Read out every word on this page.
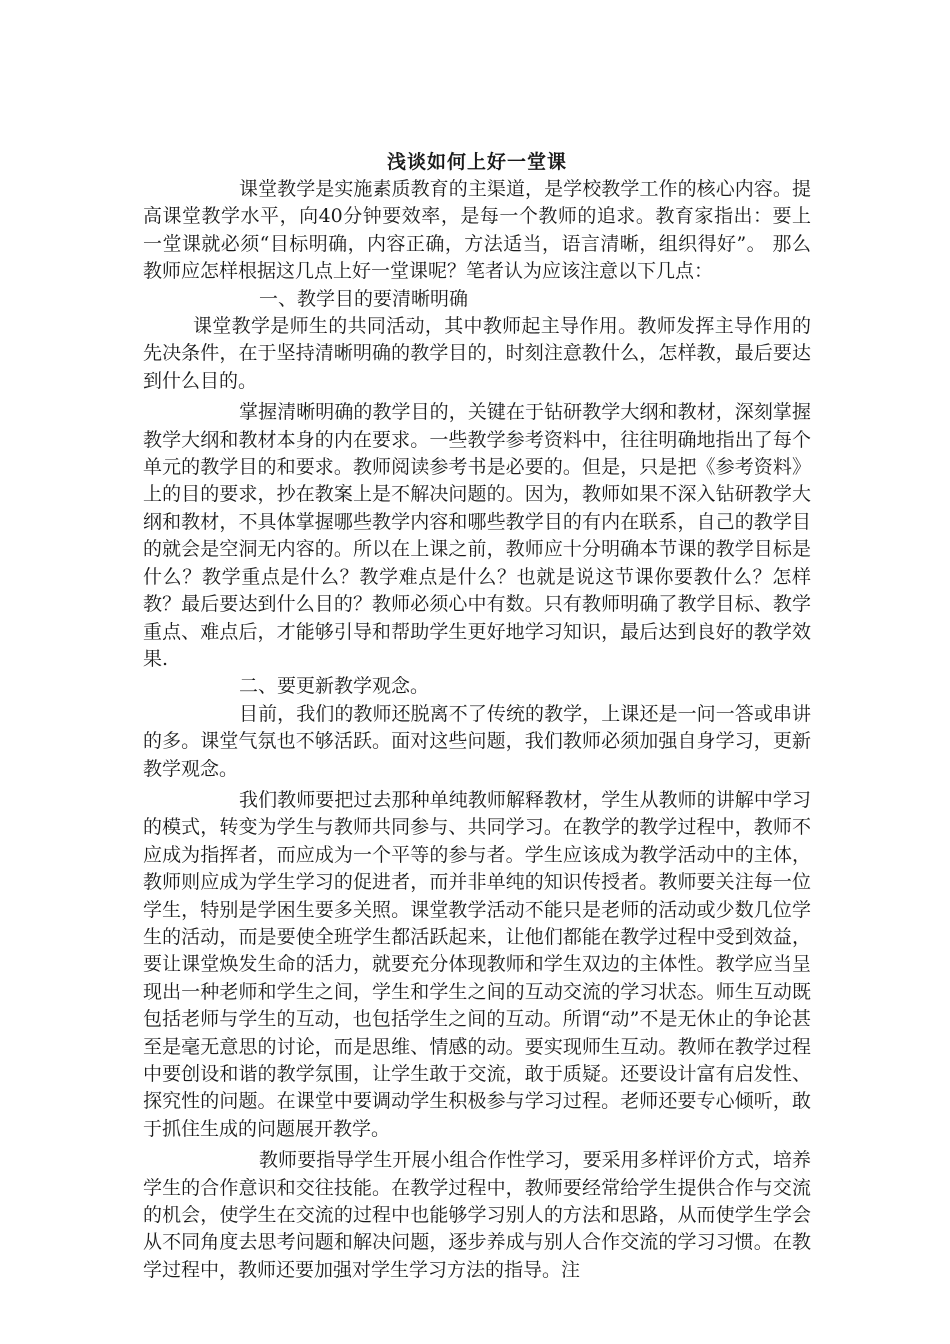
浅谈如何上好一堂课

课堂教学是实施素质教育的主渠道，是学校教学工作的核心内容。提高课堂教学水平，向40分钟要效率，是每一个教师的追求。教育家指出：要上一堂课就必须“目标明确，内容正确，方法适当，语言清晰，组织得好”。 那么教师应怎样根据这几点上好一堂课呢？笔者认为应该注意以下几点：

一、教学目的要清晰明确

课堂教学是师生的共同活动，其中教师起主导作用。教师发挥主导作用的先决条件，在于坚持清晰明确的教学目的，时刻注意教什么，怎样教，最后要达到什么目的。

掌握清晰明确的教学目的，关键在于钻研教学大纲和教材，深刻掌握教学大纲和教材本身的内在要求。一些教学参考资料中，往往明确地指出了每个单元的教学目的和要求。教师阅读参考书是必要的。但是，只是把《参考资料》上的目的要求，抄在教案上是不解决问题的。因为，教师如果不深入钻研教学大纲和教材，不具体掌握哪些教学内容和哪些教学目的有内在联系，自己的教学目的就会是空洞无内容的。所以在上课之前，教师应十分明确本节课的教学目标是什么？教学重点是什么？教学难点是什么？也就是说这节课你要教什么？怎样教？最后要达到什么目的？教师必须心中有数。只有教师明确了教学目标、教学重点、难点后，才能够引导和帮助学生更好地学习知识，最后达到良好的教学效果.

二、要更新教学观念。

目前，我们的教师还脱离不了传统的教学，上课还是一问一答或串讲的多。课堂气氛也不够活跃。面对这些问题，我们教师必须加强自身学习，更新教学观念。

我们教师要把过去那种单纯教师解释教材，学生从教师的讲解中学习的模式，转变为学生与教师共同参与、共同学习。在教学的教学过程中，教师不应成为指挥者，而应成为一个平等的参与者。学生应该成为教学活动中的主体，教师则应成为学生学习的促进者，而并非单纯的知识传授者。教师要关注每一位学生，特别是学困生要多关照。课堂教学活动不能只是老师的活动或少数几位学生的活动，而是要使全班学生都活跃起来，让他们都能在教学过程中受到效益，要让课堂焕发生命的活力，就要充分体现教师和学生双边的主体性。教学应当呈现出一种老师和学生之间，学生和学生之间的互动交流的学习状态。师生互动既包括老师与学生的互动，也包括学生之间的互动。所谓“动”不是无休止的争论甚至是毫无意思的讨论，而是思维、情感的动。要实现师生互动。教师在教学过程中要创设和谐的教学氛围，让学生敢于交流，敢于质疑。还要设计富有启发性、探究性的问题。在课堂中要调动学生积极参与学习过程。老师还要专心倾听，敢于抓住生成的问题展开教学。

教师要指导学生开展小组合作性学习，要采用多样评价方式，培养学生的合作意识和交往技能。在教学过程中，教师要经常给学生提供合作与交流的机会，使学生在交流的过程中也能够学习别人的方法和思路，从而使学生学会从不同角度去思考问题和解决问题，逐步养成与别人合作交流的学习习惯。在教学过程中，教师还要加强对学生学习方法的指导。注
